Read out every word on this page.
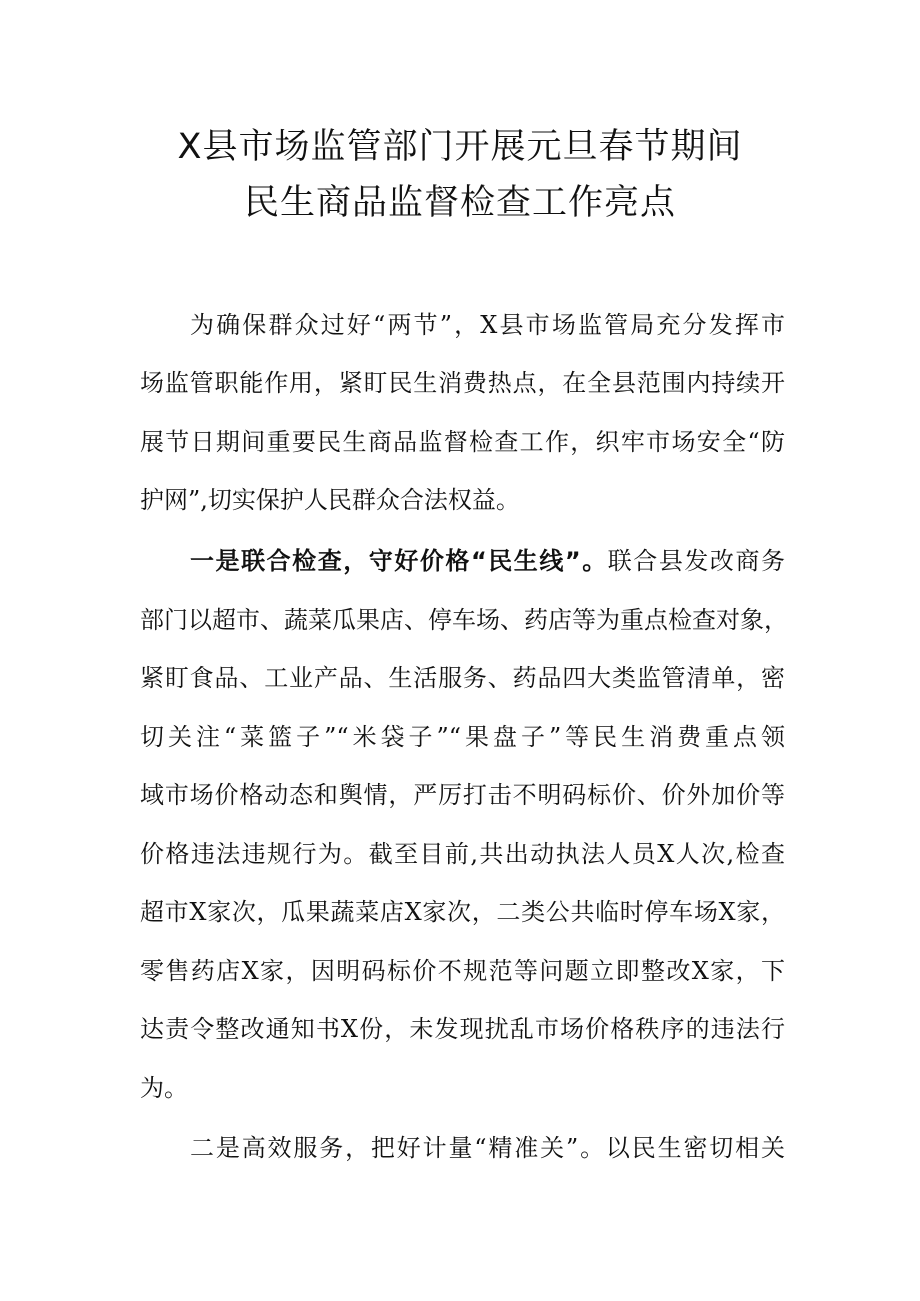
X县市场监管部门开展元旦春节期间
民生商品监督检查工作亮点

为确保群众过好“两节”，X县市场监管局充分发挥市

场监管职能作用，紧盯民生消费热点，在全县范围内持续开

展节日期间重要民生商品监督检查工作，织牢市场安全“防

护网”,切实保护人民群众合法权益。

一是联合检查，守好价格“民生线”。联合县发改商务

部门以超市、蔬菜瓜果店、停车场、药店等为重点检查对象，

紧盯食品、工业产品、生活服务、药品四大类监管清单，密

切关注“菜篮子”“米袋子”“果盘子”等民生消费重点领

域市场价格动态和舆情，严厉打击不明码标价、价外加价等

价格违法违规行为。截至目前,共出动执法人员X人次,检查

超市X家次，瓜果蔬菜店X家次，二类公共临时停车场X家，

零售药店X家，因明码标价不规范等问题立即整改X家，下

达责令整改通知书X份，未发现扰乱市场价格秩序的违法行

为。

二是高效服务，把好计量“精准关”。以民生密切相关
